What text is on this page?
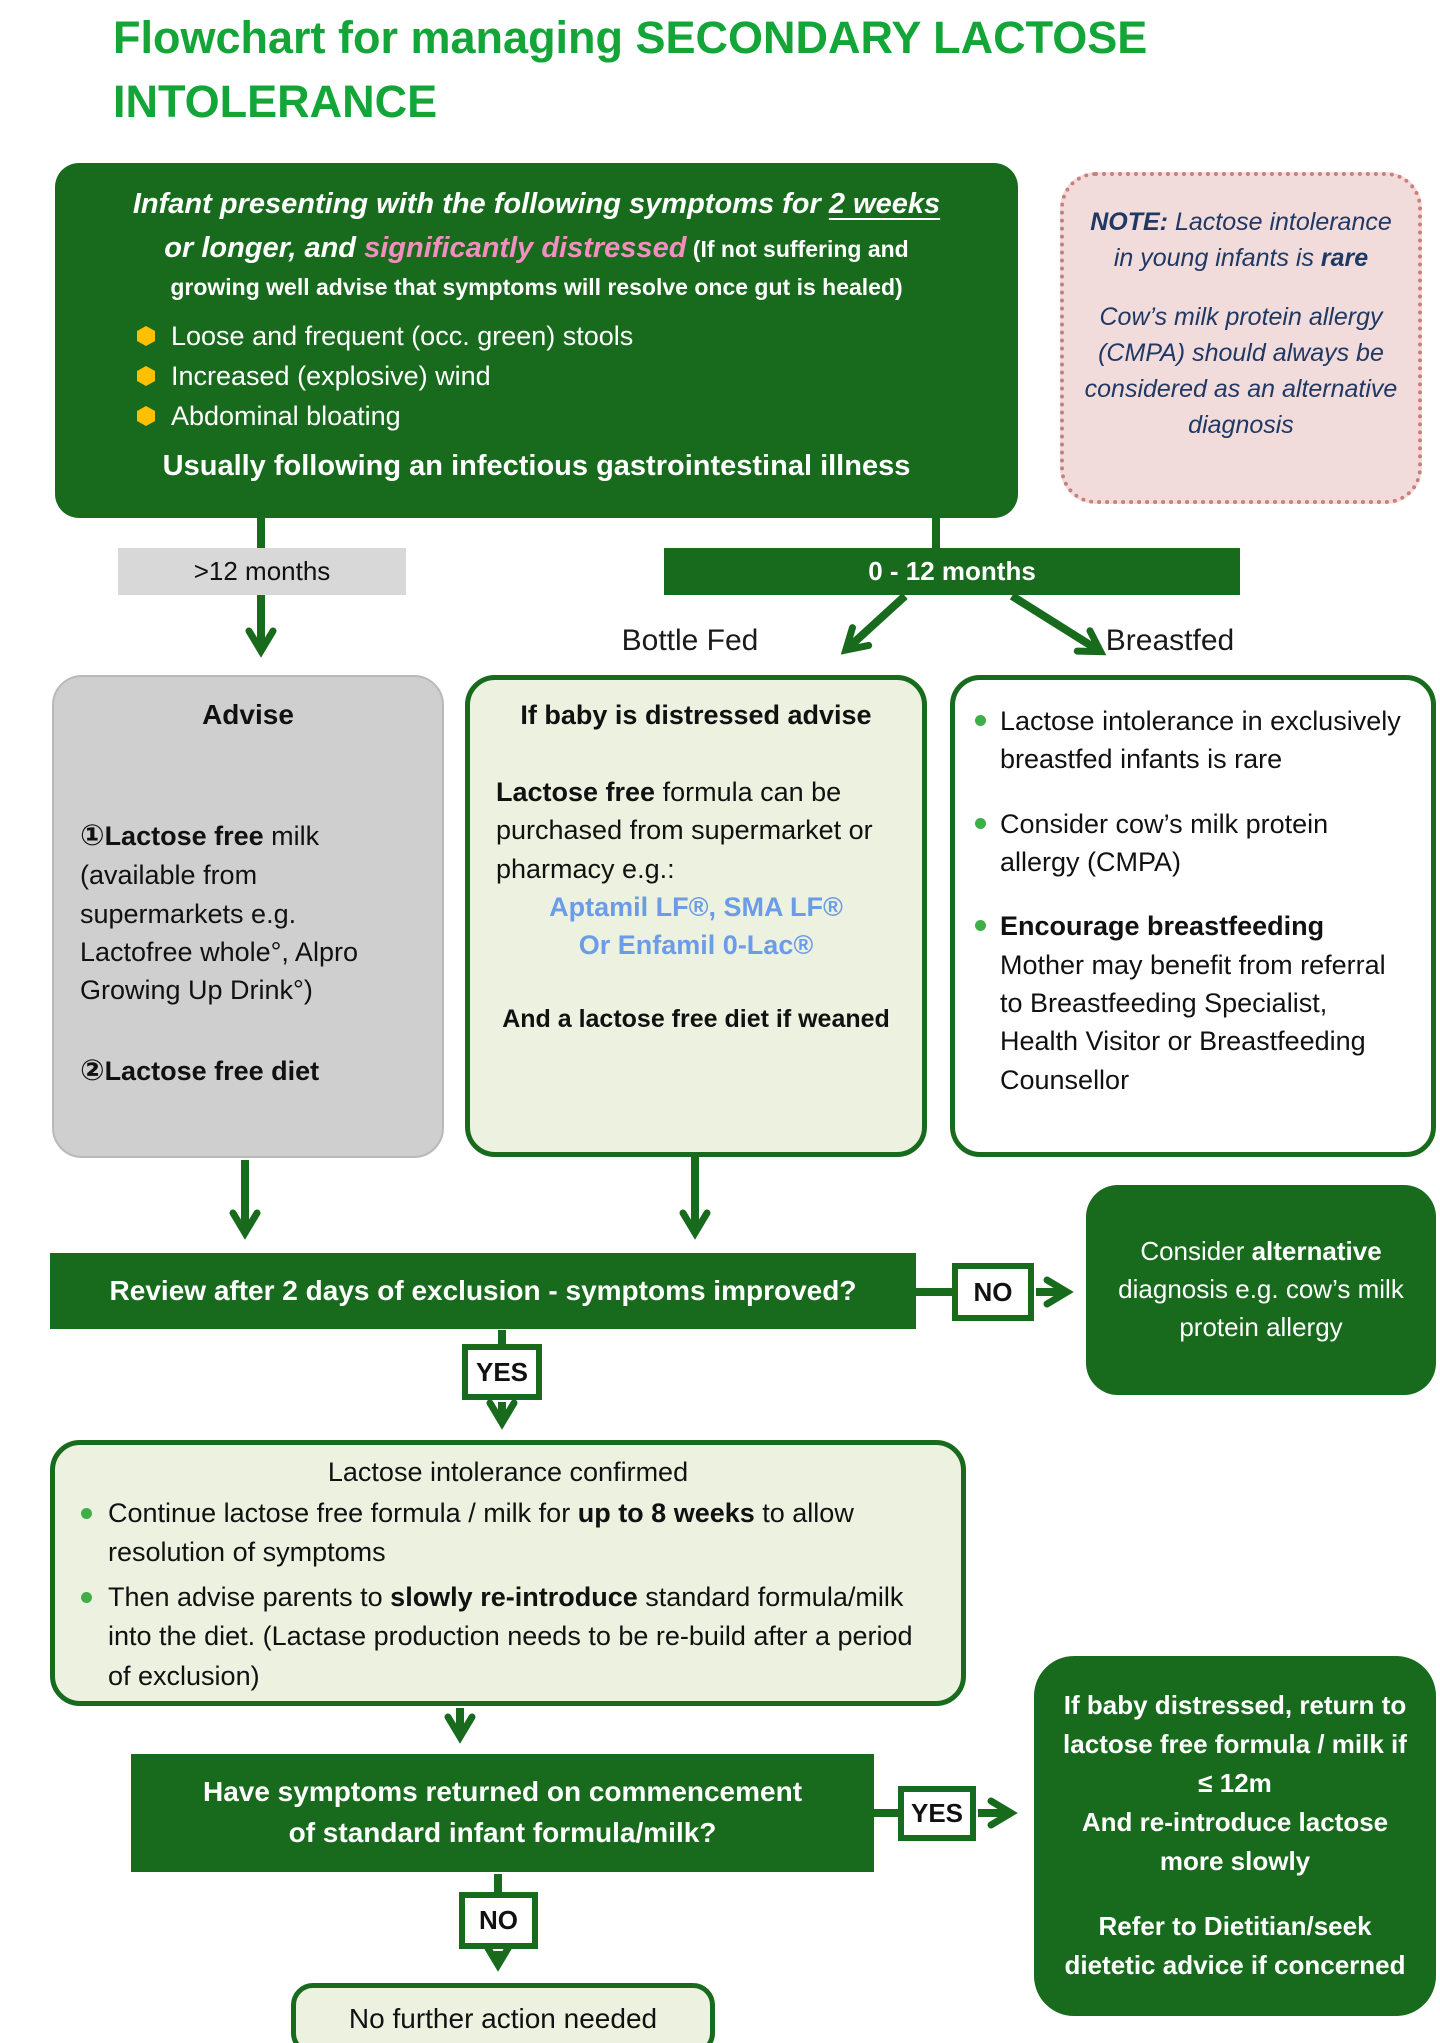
Flowchart for managing SECONDARY LACTOSE
INTOLERANCE
Infant presenting with the following symptoms for 2 weeks
or longer, and significantly distressed (If not suffering and
growing well advise that symptoms will resolve once gut is healed)
Loose and frequent (occ. green) stools
Increased (explosive) wind
Abdominal bloating
Usually following an infectious gastrointestinal illness
NOTE: Lactose intolerance in young infants is rare
Cow’s milk protein allergy (CMPA) should always be considered as an alternative diagnosis
>12 months	0 - 12 months
Bottle Fed	Breastfed
Advise
①Lactose free milk (available from supermarkets e.g. Lactofree whole°, Alpro Growing Up Drink°)
②Lactose free diet
If baby is distressed advise
Lactose free formula can be purchased from supermarket or pharmacy e.g.:
Aptamil LF®, SMA LF®
Or Enfamil 0-Lac®
And a lactose free diet if weaned
Lactose intolerance in exclusively breastfed infants is rare
Consider cow’s milk protein allergy (CMPA)
Encourage breastfeeding
Mother may benefit from referral to Breastfeeding Specialist, Health Visitor or Breastfeeding Counsellor
Review after 2 days of exclusion - symptoms improved?	NO
YES
Consider alternative diagnosis e.g. cow’s milk protein allergy
Lactose intolerance confirmed
Continue lactose free formula / milk for up to 8 weeks to allow resolution of symptoms
Then advise parents to slowly re-introduce standard formula/milk into the diet. (Lactase production needs to be re-build after a period of exclusion)
Have symptoms returned on commencement
of standard infant formula/milk?
YES
NO
If baby distressed, return to lactose free formula / milk if ≤ 12m
And re-introduce lactose more slowly
Refer to Dietitian/seek dietetic advice if concerned
No further action needed
